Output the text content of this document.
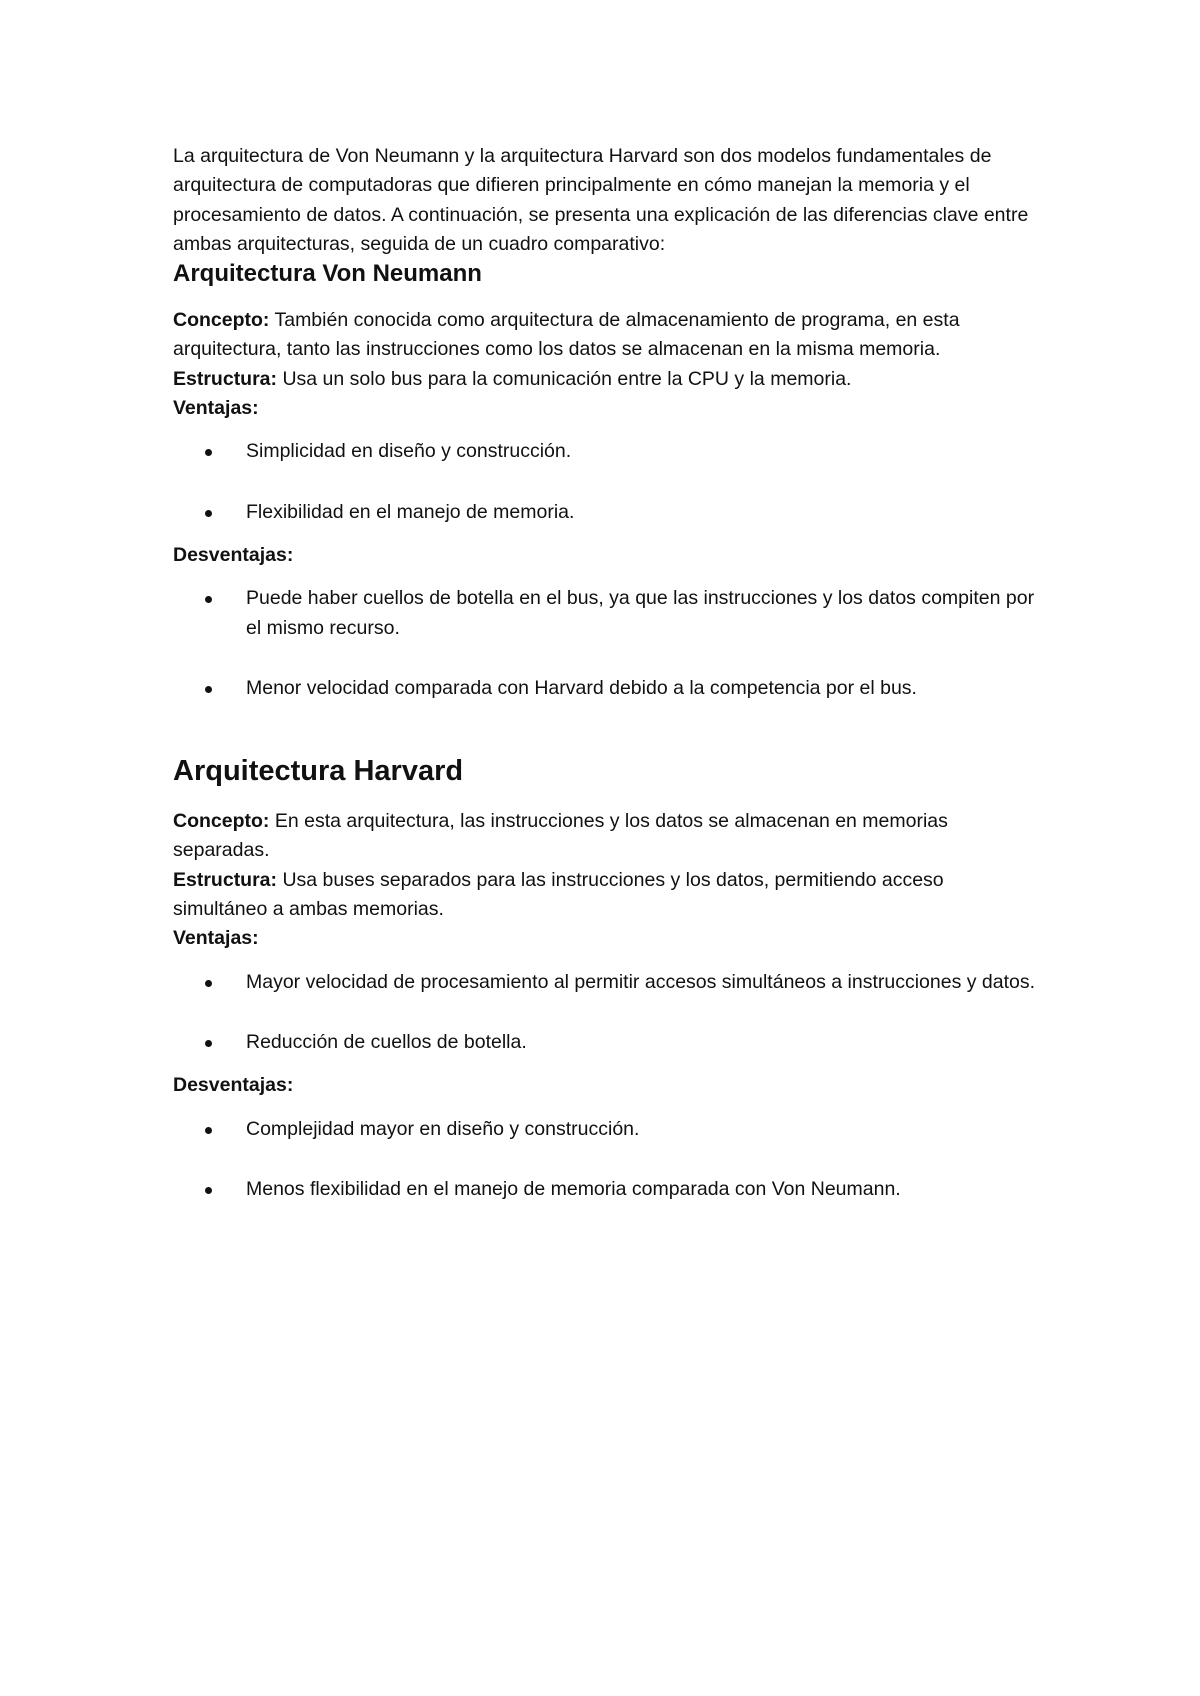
La arquitectura de Von Neumann y la arquitectura Harvard son dos modelos fundamentales de arquitectura de computadoras que difieren principalmente en cómo manejan la memoria y el procesamiento de datos. A continuación, se presenta una explicación de las diferencias clave entre ambas arquitecturas, seguida de un cuadro comparativo:

Arquitectura Von Neumann

Concepto: También conocida como arquitectura de almacenamiento de programa, en esta arquitectura, tanto las instrucciones como los datos se almacenan en la misma memoria.

Estructura: Usa un solo bus para la comunicación entre la CPU y la memoria.

Ventajas:

Simplicidad en diseño y construcción.
Flexibilidad en el manejo de memoria.

Desventajas:

Puede haber cuellos de botella en el bus, ya que las instrucciones y los datos compiten por el mismo recurso.
Menor velocidad comparada con Harvard debido a la competencia por el bus.
Arquitectura Harvard

Concepto: En esta arquitectura, las instrucciones y los datos se almacenan en memorias separadas.

Estructura: Usa buses separados para las instrucciones y los datos, permitiendo acceso simultáneo a ambas memorias.

Ventajas:

Mayor velocidad de procesamiento al permitir accesos simultáneos a instrucciones y datos.
Reducción de cuellos de botella.

Desventajas:

Complejidad mayor en diseño y construcción.
Menos flexibilidad en el manejo de memoria comparada con Von Neumann.
